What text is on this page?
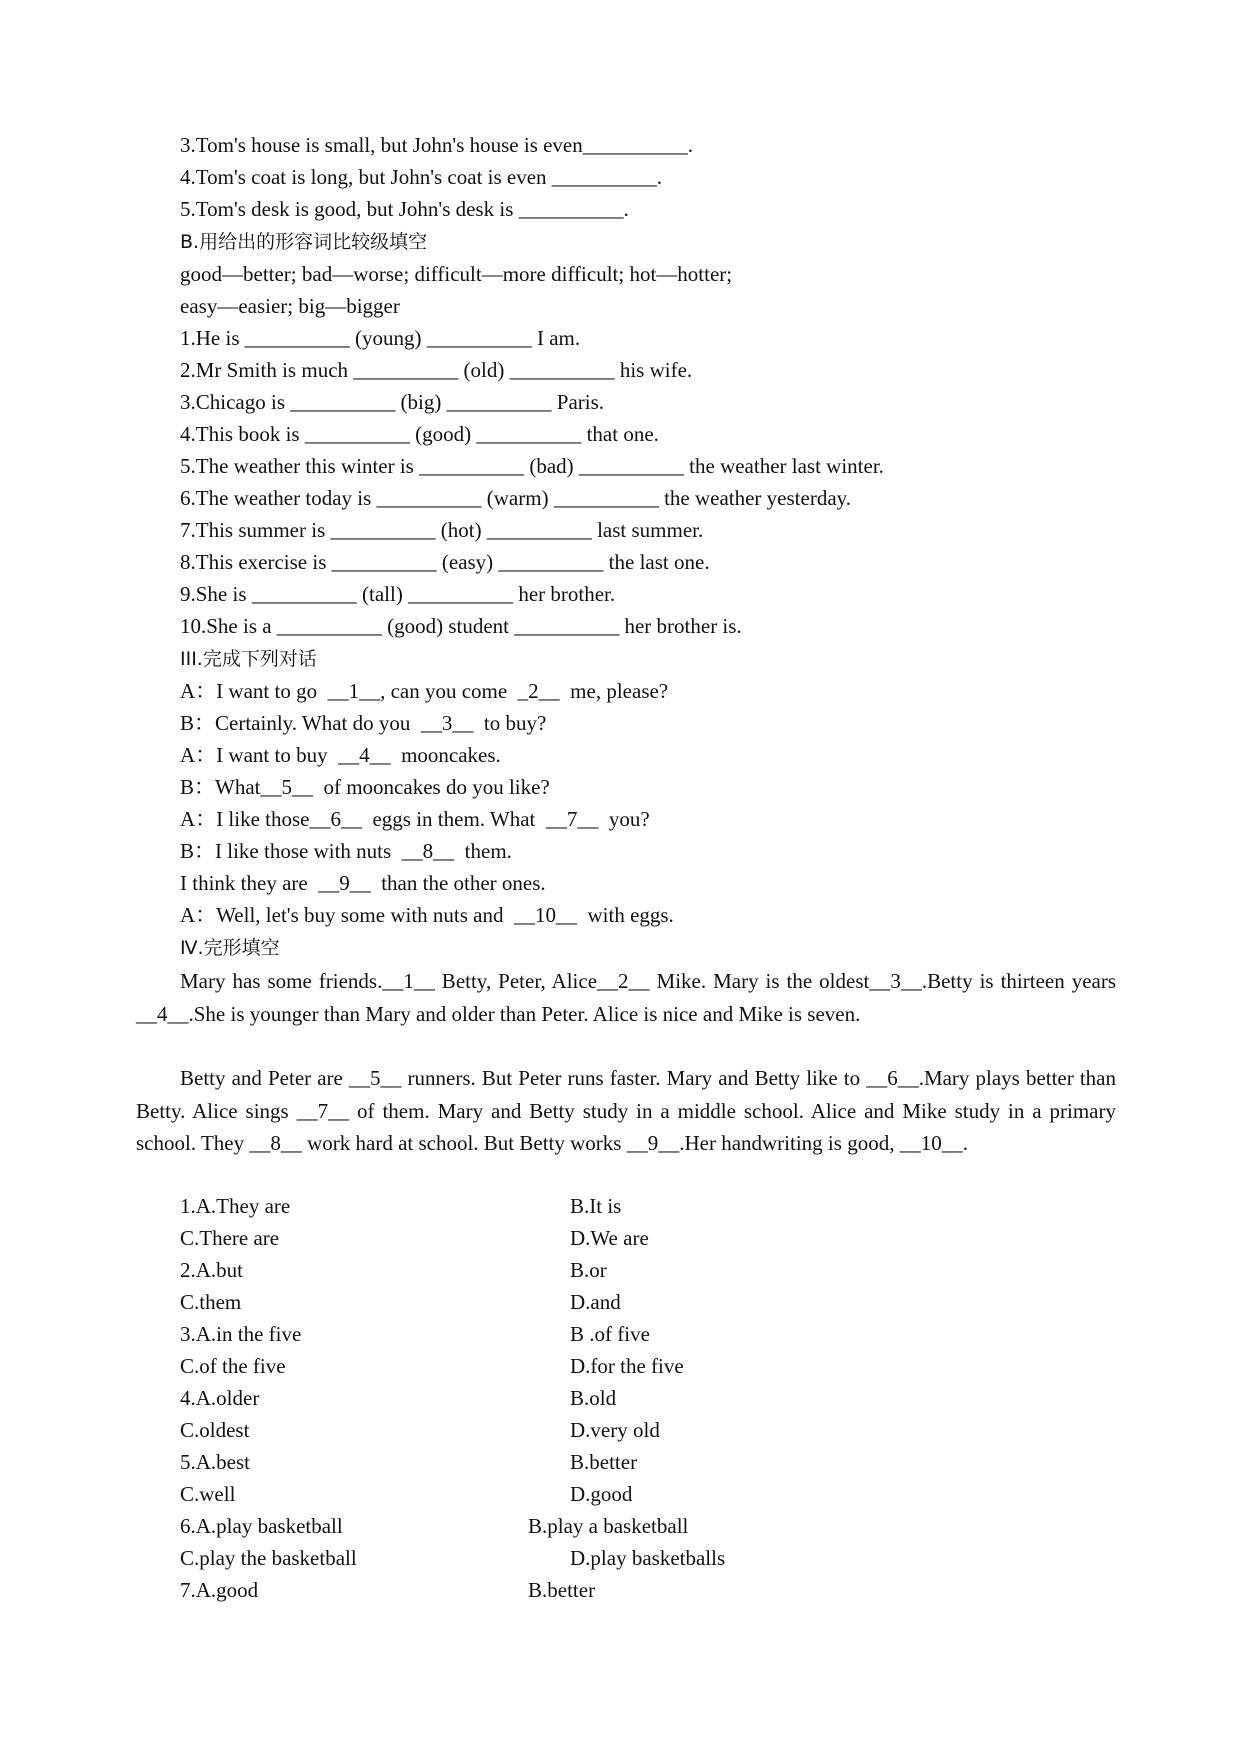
3.Tom's house is small, but John's house is even__________.
4.Tom's coat is long, but John's coat is even __________.
5.Tom's desk is good, but John's desk is __________.
B.用给出的形容词比较级填空
good—better; bad—worse; difficult—more difficult; hot—hotter;
easy—easier; big—bigger
1.He is __________ (young) __________ I am.
2.Mr Smith is much __________ (old) __________ his wife.
3.Chicago is __________ (big) __________ Paris.
4.This book is __________ (good) __________ that one.
5.The weather this winter is __________ (bad) __________ the weather last winter.
6.The weather today is __________ (warm) __________ the weather yesterday.
7.This summer is __________ (hot) __________ last summer.
8.This exercise is __________ (easy) __________ the last one.
9.She is __________ (tall) __________ her brother.
10.She is a __________ (good) student __________ her brother is.
III.完成下列对话
A：I want to go  __1__, can you come  _2__  me, please?
B：Certainly. What do you  __3__  to buy?
A：I want to buy  __4__  mooncakes.
B：What__5__  of mooncakes do you like?
A：I like those__6__  eggs in them. What  __7__  you?
B：I like those with nuts  __8__  them.
I think they are  __9__  than the other ones.
A：Well, let's buy some with nuts and  __10__  with eggs.
Ⅳ.完形填空
Mary has some friends.__1__ Betty, Peter, Alice__2__ Mike. Mary is the oldest__3__.Betty is thirteen years __4__.She is younger than Mary and older than Peter. Alice is nice and Mike is seven.
Betty and Peter are __5__ runners. But Peter runs faster. Mary and Betty like to __6__.Mary plays better than Betty. Alice sings __7__ of them. Mary and Betty study in a middle school. Alice and Mike study in a primary school. They __8__ work hard at school. But Betty works __9__.Her handwriting is good, __10__.
1.A.They are	B.It is
C.There are	D.We are
2.A.but	B.or
C.them	D.and
3.A.in the five	B .of five
C.of the five	D.for the five
4.A.older	B.old
C.oldest	D.very old
5.A.best	B.better
C.well	D.good
6.A.play basketball	B.play a basketball
C.play the basketball	D.play basketballs
7.A.good	B.better
